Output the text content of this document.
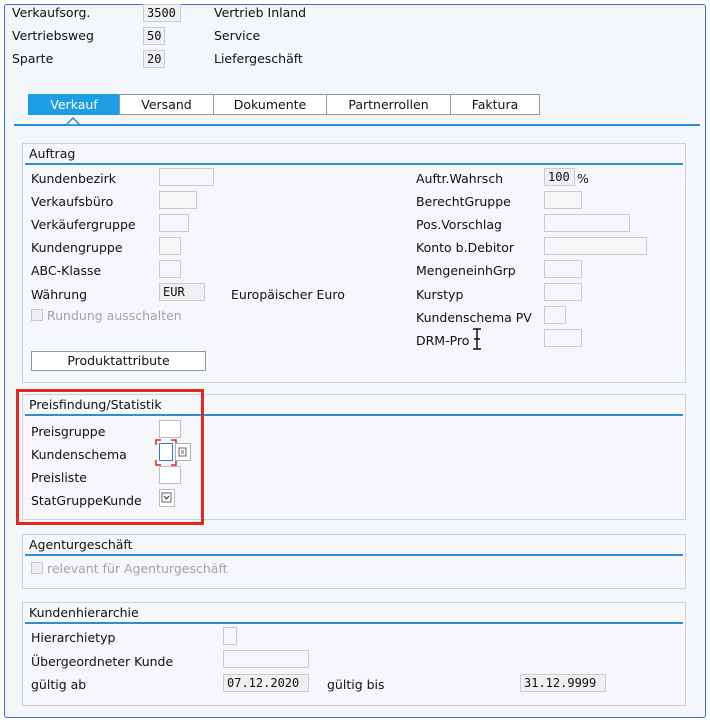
Verkaufsorg.	3500	Vertrieb Inland
Vertriebsweg	50	Service
Sparte	20	Liefergeschäft
Verkauf	Versand	Dokumente	Partnerrollen	Faktura
Auftrag
Kundenbezirk
Verkaufsbüro
Verkäufergruppe
Kundengruppe
ABC-Klasse
Währung	EUR	Europäischer Euro
Rundung ausschalten
Produktattribute
Auftr.Wahrsch	100 %
BerechtGruppe
Pos.Vorschlag
Konto b.Debitor
MengeneinhGrp
Kurstyp
Kundenschema PV
DRM-Pro
Preisfindung/Statistik
Preisgruppe
Kundenschema
Preisliste
StatGruppeKunde
Agenturgeschäft
relevant für Agenturgeschäft
Kundenhierarchie
Hierarchietyp
Übergeordneter Kunde
gültig ab	07.12.2020	gültig bis	31.12.9999
